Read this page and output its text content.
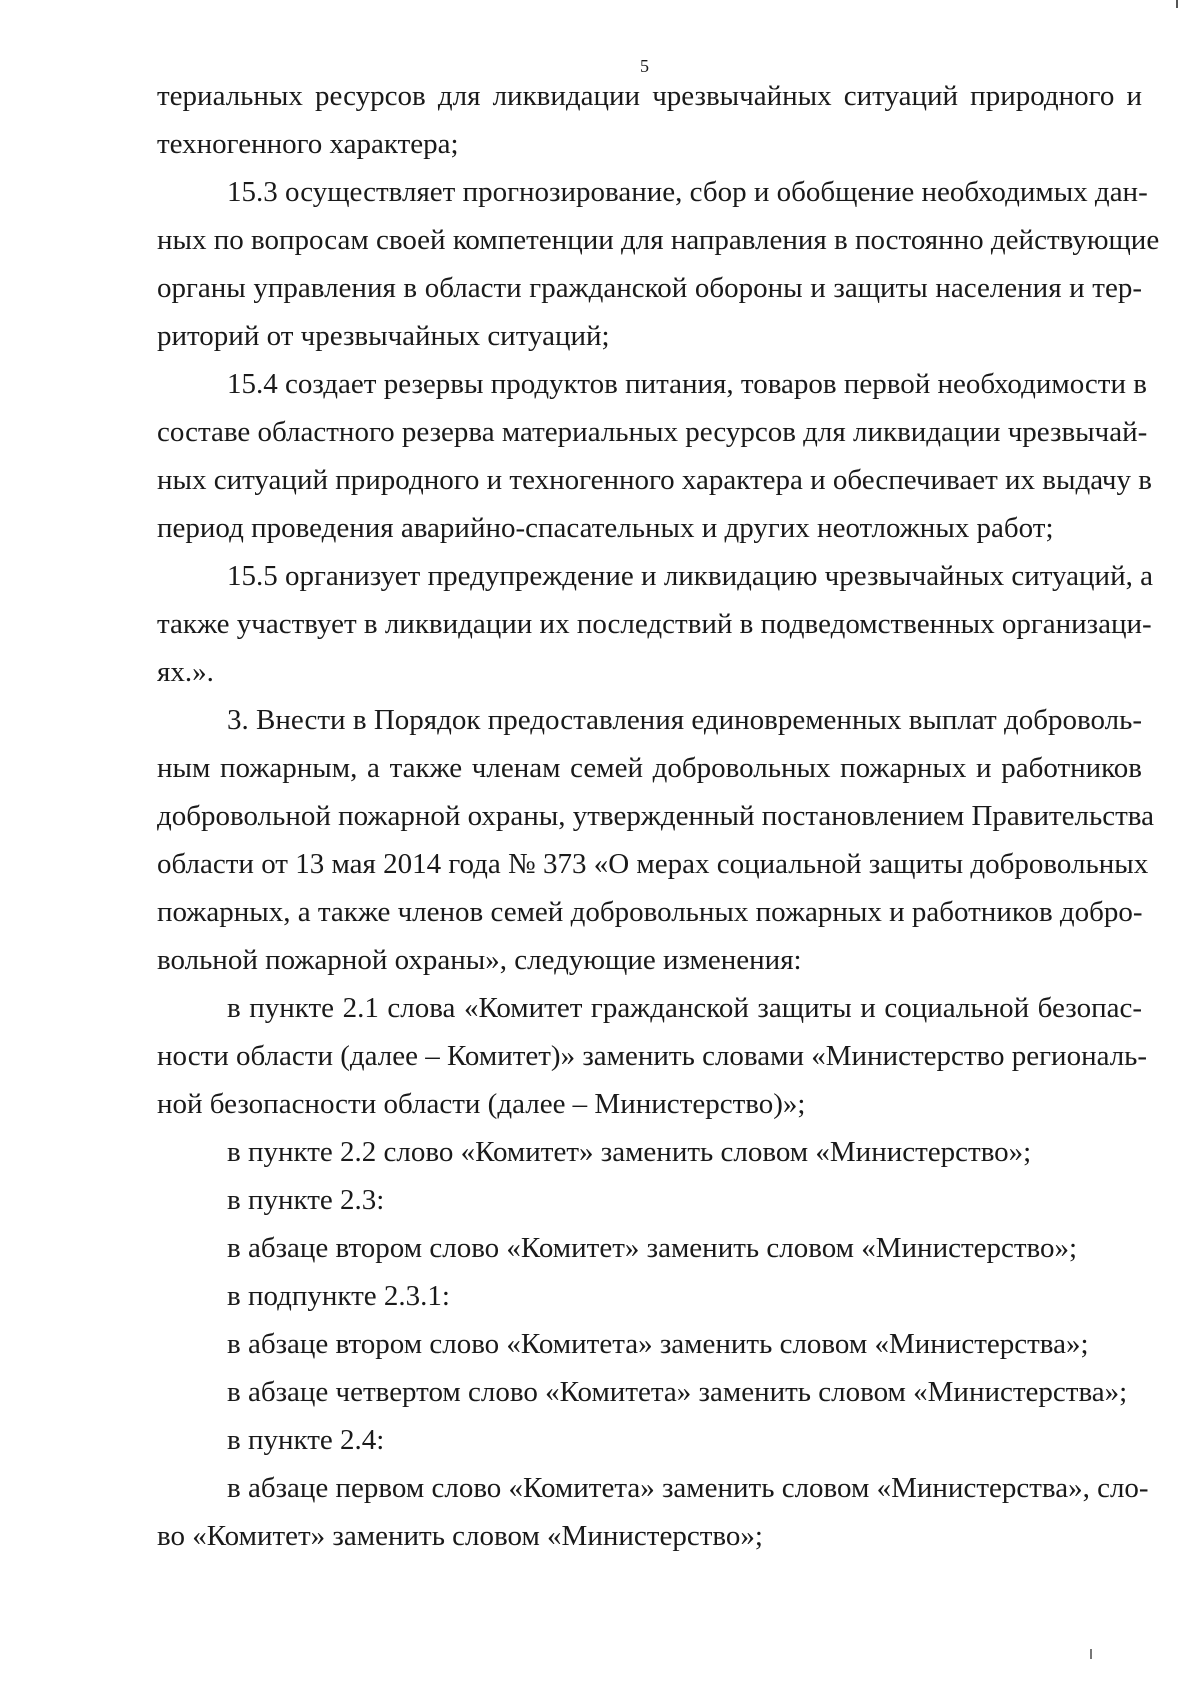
5
териальных ресурсов для ликвидации чрезвычайных ситуаций природного и
техногенного характера;
15.3 осуществляет прогнозирование, сбор и обобщение необходимых дан-
ных по вопросам своей компетенции для направления в постоянно действующие
органы управления в области гражданской обороны и защиты населения и тер-
риторий от чрезвычайных ситуаций;
15.4 создает резервы продуктов питания, товаров первой необходимости в
составе областного резерва материальных ресурсов для ликвидации чрезвычай-
ных ситуаций природного и техногенного характера и обеспечивает их выдачу в
период проведения аварийно-спасательных и других неотложных работ;
15.5 организует предупреждение и ликвидацию чрезвычайных ситуаций, а
также участвует в ликвидации их последствий в подведомственных организаци-
ях.».
3. Внести в Порядок предоставления единовременных выплат доброволь-
ным пожарным, а также членам семей добровольных пожарных и работников
добровольной пожарной охраны, утвержденный постановлением Правительства
области от 13 мая 2014 года № 373 «О мерах социальной защиты добровольных
пожарных, а также членов семей добровольных пожарных и работников добро-
вольной пожарной охраны», следующие изменения:
в пункте 2.1 слова «Комитет гражданской защиты и социальной безопас-
ности области (далее – Комитет)» заменить словами «Министерство региональ-
ной безопасности области (далее – Министерство)»;
в пункте 2.2 слово «Комитет» заменить словом «Министерство»;
в пункте 2.3:
в абзаце втором слово «Комитет» заменить словом «Министерство»;
в подпункте 2.3.1:
в абзаце втором слово «Комитета» заменить словом «Министерства»;
в абзаце четвертом слово «Комитета» заменить словом «Министерства»;
в пункте 2.4:
в абзаце первом слово «Комитета» заменить словом «Министерства», сло-
во «Комитет» заменить словом «Министерство»;
